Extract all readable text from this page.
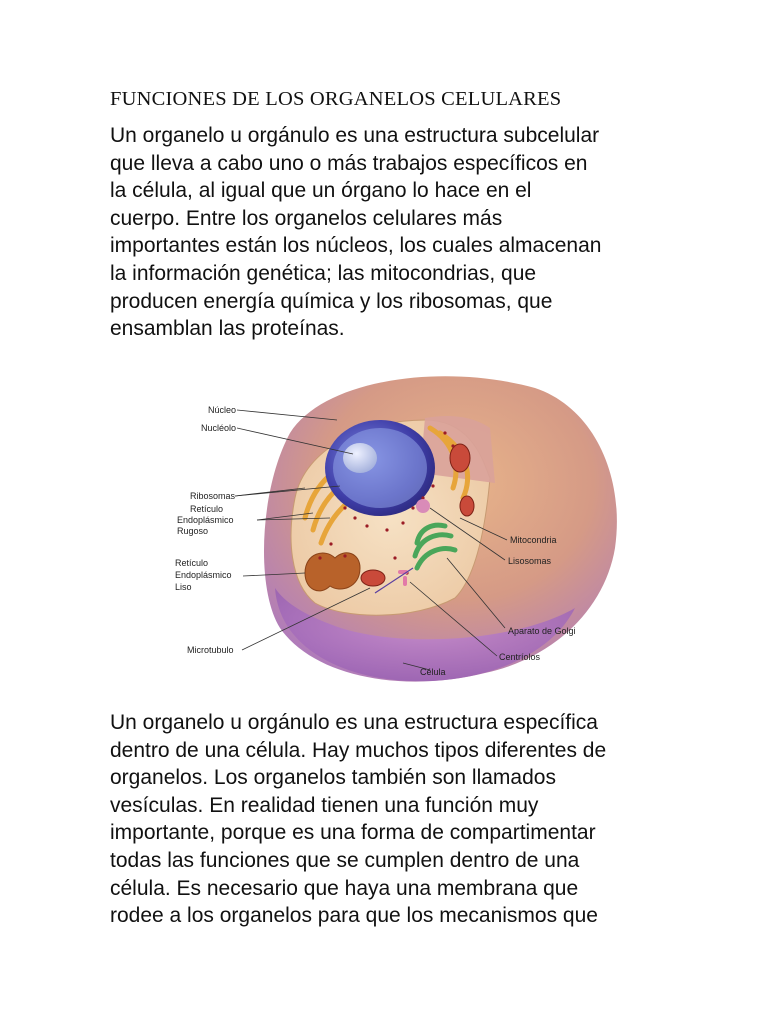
FUNCIONES DE LOS ORGANELOS CELULARES
Un organelo u orgánulo es una estructura subcelular
que lleva a cabo uno o más trabajos específicos en
la célula, al igual que un órgano lo hace en el
cuerpo. Entre los organelos celulares más
importantes están los núcleos, los cuales almacenan
la información genética; las mitocondrias, que
producen energía química y los ribosomas, que
ensamblan las proteínas.
Núcleo
Nucléolo
Ribosomas
Retículo
Endoplásmico
Rugoso
Retículo
Endoplásmico
Liso
Microtubulo
Mitocondria
Lisosomas
Aparato de Golgi
Centríolos
Célula
Un organelo u orgánulo es una estructura específica
dentro de una célula. Hay muchos tipos diferentes de
organelos. Los organelos también son llamados
vesículas. En realidad tienen una función muy
importante, porque es una forma de compartimentar
todas las funciones que se cumplen dentro de una
célula. Es necesario que haya una membrana que
rodee a los organelos para que los mecanismos que
